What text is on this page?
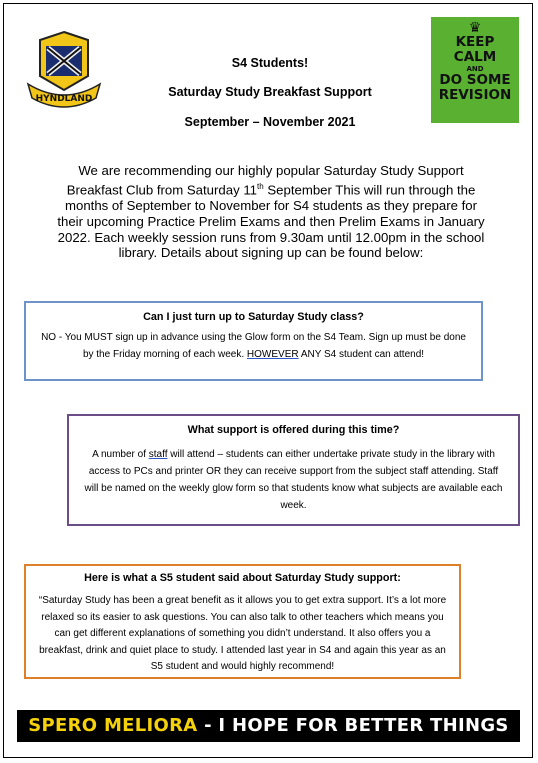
HYNDLAND
S4 Students!
Saturday Study Breakfast Support
September – November 2021
♛
KEEP
CALM
AND
DO SOME
REVISION
We are recommending our highly popular Saturday Study Support Breakfast Club from Saturday 11th September This will run through the months of September to November for S4 students as they prepare for their upcoming Practice Prelim Exams and then Prelim Exams in January 2022. Each weekly session runs from 9.30am until 12.00pm in the school library. Details about signing up can be found below:
Can I just turn up to Saturday Study class?
NO - You MUST sign up in advance using the Glow form on the S4 Team. Sign up must be done by the Friday morning of each week. HOWEVER ANY S4 student can attend!
What support is offered during this time?
A number of staff will attend – students can either undertake private study in the library with access to PCs and printer OR they can receive support from the subject staff attending. Staff will be named on the weekly glow form so that students know what subjects are available each week.
Here is what a S5 student said about Saturday Study support:
“Saturday Study has been a great benefit as it allows you to get extra support. It’s a lot more relaxed so its easier to ask questions. You can also talk to other teachers which means you can get different explanations of something you didn’t understand. It also offers you a breakfast, drink and quiet place to study. I attended last year in S4 and again this year as an S5 student and would highly recommend!
SPERO MELIORA - I HOPE FOR BETTER THINGS
